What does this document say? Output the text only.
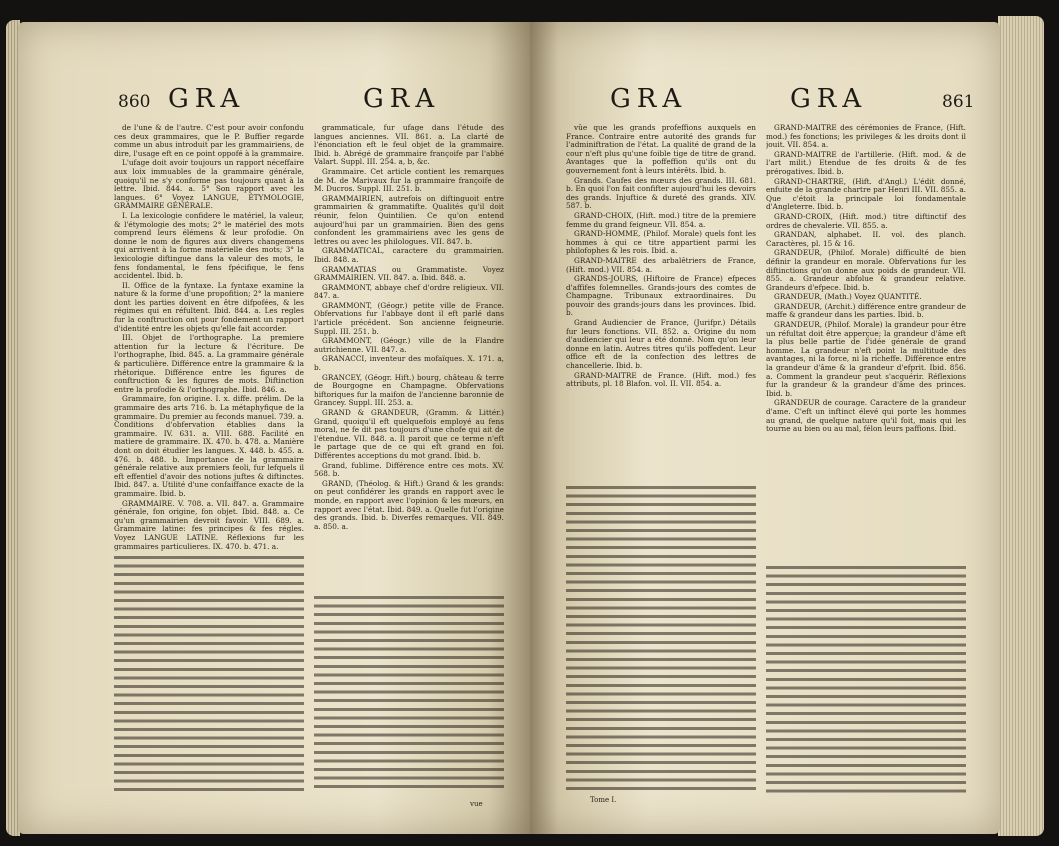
860 GRA	GRA

de l'une & de l'autre. C'est pour avoir confondu ces deux grammaires, que le P. Buffier regarde comme un abus introduit par les grammairiens, de dire, l'usage eft en ce point oppofé à la grammaire.

L'ufage doit avoir toujours un rapport néceffaire aux loix immuables de la grammaire générale, quoiqu'il ne s'y conforme pas toujours quant à la lettre. Ibid. 844. a. 5° Son rapport avec les langues. 6° Voyez LANGUE, ÉTYMOLOGIE, GRAMMAIRE GÉNÉRALE.

I. La lexicologie confidere le matériel, la valeur, & l'étymologie des mots; 2° le matériel des mots comprend leurs élémens & leur profodie. On donne le nom de figures aux divers changemens qui arrivent à la forme matérielle des mots; 3° la lexicologie diftingue dans la valeur des mots, le fens fondamental, le fens fpécifique, le fens accidentel. Ibid. b.

II. Office de la fyntaxe. La fyntaxe examine la nature & la forme d'une propofition; 2° la maniere dont les parties doivent en être difpofées, & les régimes qui en réfultent. Ibid. 844. a. Les regles fur la conftruction ont pour fondement un rapport d'identité entre les objets qu'elle fait accorder.

III. Objet de l'orthographe. La premiere attention fur la lecture & l'écriture. De l'orthographe, Ibid. 845. a. La grammaire générale & particulière. Différence entre la grammaire & la rhétorique. Différence entre les figures de conftruction & les figures de mots. Diftinction entre la profodie & l'orthographe. Ibid. 846. a.

Grammaire, fon origine. I. x. diffe. prélim. De la grammaire des arts 716. b. La métaphyfique de la grammaire. Du premier au feconds manuel. 739. a. Conditions d'obfervation établies dans la grammaire. IV. 631. a. VIII. 688. Facilité en matiere de grammaire. IX. 470. b. 478. a. Manière dont on doit étudier les langues. X. 448. b. 455. a. 476. b. 488. b. Importance de la grammaire générale relative aux premiers feoli, fur lefquels il eft effentiel d'avoir des notions juftes & diftinctes. Ibid. 847. a. Utilité d'une confaiffance exacte de la grammaire. Ibid. b.

GRAMMAIRE. V. 708. a. VII. 847. a. Grammaire générale, fon origine, fon objet. Ibid. 848. a. Ce qu'un grammairien devroit favoir. VIII. 689. a. Grammaire latine: fes principes & fes régles. Voyez LANGUE LATINE. Réflexions fur les grammaires particulieres. IX. 470. b. 471. a.

grammaticale, fur ufage dans l'étude des langues anciennes. VII. 861. a. La clarté de l'énonciation eft le feul objet de la grammaire. Ibid. b. Abrégé de grammaire françoife par l'abbé Valart. Suppl. III. 254. a, b, &c.

Grammaire. Cet article contient les remarques de M. de Marivaux fur la grammaire françoife de M. Ducros. Suppl. III. 251. b.

GRAMMAIRIEN, autrefois on diftinguoit entre grammairien & grammatifte. Qualités qu'il doit réunir, felon Quintilien. Ce qu'on entend aujourd'hui par un grammairien. Bien des gens confondent les grammairiens avec les gens de lettres ou avec les philologues. VII. 847. b.

GRAMMATICAL, caractere du grammairien. Ibid. 848. a.

GRAMMATIAS ou Grammatiste. Voyez GRAMMAIRIEN. VII. 847. a. Ibid. 848. a.

GRAMMONT, abbaye chef d'ordre religieux. VII. 847. a.

GRAMMONT, (Géogr.) petite ville de France. Obfervations fur l'abbaye dont il eft parlé dans l'article précédent. Son ancienne feigneurie. Suppl. III. 251. b.

GRAMMONT, (Géogr.) ville de la Flandre autrichienne. VII. 847. a.

GRANACCI, inventeur des mofaïques. X. 171. a, b.

GRANCEY, (Géogr. Hift.) bourg, château & terre de Bourgogne en Champagne. Obfervations hiftoriques fur la maifon de l'ancienne baronnie de Grancey. Suppl. III. 253. a.

GRAND & GRANDEUR, (Gramm. & Littér.) Grand, quoiqu'il eft quelquefois employé au fens moral, ne fe dit pas toujours d'une chofe qui ait de l'étendue. VII. 848. a. Il paroit que ce terme n'eft le partage que de ce qui eft grand en foi. Différentes acceptions du mot grand. Ibid. b.

Grand, fublime. Différence entre ces mots. XV. 568. b.

GRAND, (Théolog. & Hift.) Grand & les grands: on peut confidérer les grands en rapport avec le monde, en rapport avec l'opinion & les mœurs, en rapport avec l'état. Ibid. 849. a. Quelle fut l'origine des grands. Ibid. b. Diverfes remarques. VII. 849. a. 850. a.

vue
GRA	GRA	861

vûe que les grands profeffions auxquels en France. Contraire entre autorité des grands fur l'adminiftration de l'état. La qualité de grand de la cour n'eft plus qu'une foible tige de titre de grand. Avantages que la poffeffion qu'ils ont du gouvernement font à leurs intérêts. Ibid. b.

Grands. Caufes des mœurs des grands. III. 681. b. En quoi l'on fait confifter aujourd'hui les devoirs des grands. Injuftice & dureté des grands. XIV. 587. b.

GRAND-CHOIX, (Hift. mod.) titre de la premiere femme du grand feigneur. VII. 854. a.

GRAND-HOMME, (Philof. Morale) quels font les hommes à qui ce titre appartient parmi les philofophes & les rois. Ibid. a.

GRAND-MAITRE des arbalêtriers de France, (Hift. mod.) VII. 854. a.

GRANDS-JOURS, (Hiftoire de France) efpeces d'affifes folemnelles. Grands-jours des comtes de Champagne. Tribunaux extraordinaires. Du pouvoir des grands-jours dans les provinces. Ibid. b.

Grand Audiencier de France, (Jurifpr.) Détails fur leurs fonctions. VII. 852. a. Origine du nom d'audiencier qui leur a été donné. Nom qu'on leur donne en latin. Autres titres qu'ils poffedent. Leur office eft de la confection des lettres de chancellerie. Ibid. b.

GRAND-MAITRE de France. (Hift. mod.) fes attributs, pl. 18 Blafon. vol. II. VII. 854. a.

GRAND-MAITRE des cérémonies de France, (Hift. mod.) fes fonctions; les privileges & les droits dont il jouit. VII. 854. a.

GRAND-MAITRE de l'artillerie. (Hift. mod. & de l'art milit.) Etendue de fes droits & de fes prérogatives. Ibid. b.

GRAND-CHARTRE, (Hift. d'Angl.) L'édit donné, enfuite de la grande chartre par Henri III. VII. 855. a. Que c'étoit la principale loi fondamentale d'Angleterre. Ibid. b.

GRAND-CROIX, (Hift. mod.) titre diftinctif des ordres de chevalerie. VII. 855. a.

GRANDAN, alphabet. II. vol. des planch. Caractères, pl. 15 & 16.

GRANDEUR, (Philof. Morale) difficulté de bien définir la grandeur en morale. Obfervations fur les diftinctions qu'on donne aux poids de grandeur. VII. 855. a. Grandeur abfolue & grandeur relative. Grandeurs d'efpece. Ibid. b.

GRANDEUR, (Math.) Voyez QUANTITÉ.

GRANDEUR, (Archit.) différence entre grandeur de maffe & grandeur dans les parties. Ibid. b.

GRANDEUR, (Philof. Morale) la grandeur pour être un réfultat doit être apperçue; la grandeur d'âme eft la plus belle partie de l'idée générale de grand homme. La grandeur n'eft point la multitude des avantages, ni la force, ni la richeffe. Différence entre la grandeur d'âme & la grandeur d'efprit. Ibid. 856. a. Comment la grandeur peut s'acquérir. Réflexions fur la grandeur & la grandeur d'âme des princes. Ibid. b.

GRANDEUR de courage. Caractere de la grandeur d'ame. C'eft un inftinct élevé qui porte les hommes au grand, de quelque nature qu'il foit, mais qui les tourne au bien ou au mal, félon leurs paffions. Ibid.

Tome I.
